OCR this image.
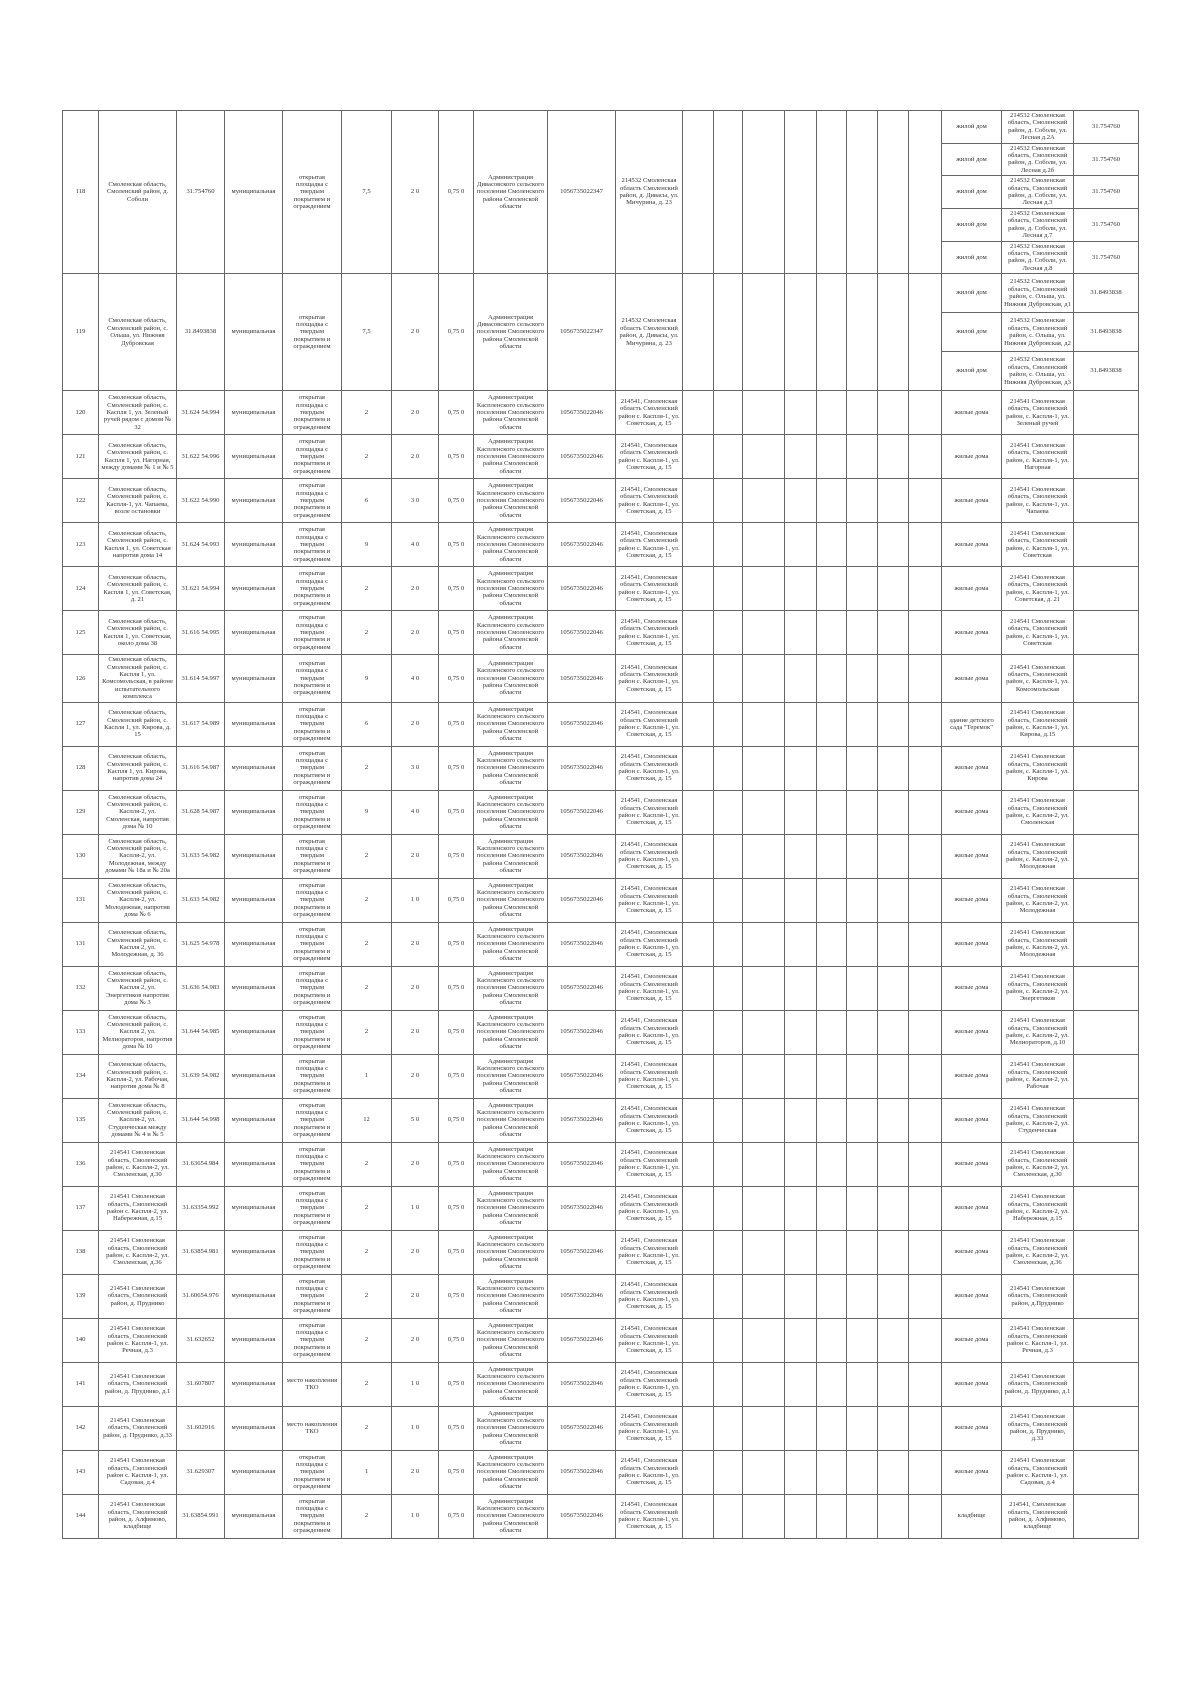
118	Смоленская область, Смоленский район, д. Соболи	31.754760	муниципальная	открытая площадка с твердым покрытием и ограждением	7,5	2 0	0,75 0	Администрация Дивасовского сельского поселения Смоленского района Смоленской области	1056735022347	214532 Смоленская область Смоленский район, д. Дивасы, ул. Мичурина, д. 23									жилой дом	214532 Смоленская область, Смоленский район, д. Соболи, ул. Лесная д.2А	31.754760
																			жилой дом	214532 Смоленская область, Смоленский район, д. Соболи, ул. Лесная д.2б	31.754760
																			жилой дом	214532 Смоленская область, Смоленский район, д. Соболи, ул. Лесная д.3	31.754760
																			жилой дом	214532 Смоленская область, Смоленский район, д. Соболи, ул. Лесная д.7	31.754760
																			жилой дом	214532 Смоленская область, Смоленский район, д. Соболи, ул. Лесная д.8	31.754760
119	Смоленская область, Смоленский район, с. Ольша, ул. Нижняя Дубровская	31.8493838	муниципальная	открытая площадка с твердым покрытием и ограждением	7,5	2 0	0,75 0	Администрация Дивасовского сельского поселения Смоленского района Смоленской области	1056735022347	214532 Смоленская область Смоленский район, д. Дивасы, ул. Мичурина, д. 23									жилой дом	214532 Смоленская область, Смоленский район, с. Ольша, ул. Нижняя Дубровская, д1	31.8493838
																			жилой дом	214532 Смоленская область, Смоленский район, с. Ольша, ул. Нижняя Дубровская, д2	31.8493838
																			жилой дом	214532 Смоленская область, Смоленский район, с. Ольша, ул. Нижняя Дубровская, д3	31.8493838
120	Смоленская область, Смоленский район, с. Каспля 1, ул. Зеленый ручей рядом с домом № 32	31.624 54.994	муниципальная	открытая площадка с твердым покрытием и ограждением	2	2 0	0,75 0	Администрация Каспленского сельского поселения Смоленского района Смоленской области	1056735022046	214541, Смоленская область Смоленский район с. Каспля-1, ул. Советская, д. 15									жилые дома	214541 Смоленская область, Смоленский район, с. Каспля-1, ул. Зеленый ручей	
121	Смоленская область, Смоленский район, с. Каспля 1, ул. Нагорная, между домами № 1 и № 5	31.622 54.996	муниципальная	открытая площадка с твердым покрытием и ограждением	2	2 0	0,75 0	Администрация Каспленского сельского поселения Смоленского района Смоленской области	1056735022046	214541, Смоленская область Смоленский район с. Каспля-1, ул. Советская, д. 15									жилые дома	214541 Смоленская область, Смоленский район, с. Каспля-1, ул. Нагорная	
122	Смоленская область, Смоленский район, с. Каспля-1, ул. Чапаева, возле остановки	31.622 54.990	муниципальная	открытая площадка с твердым покрытием и ограждением	6	3 0	0,75 0	Администрация Каспленского сельского поселения Смоленского района Смоленской области	1056735022046	214541, Смоленская область Смоленский район с. Каспля-1, ул. Советская, д. 15									жилые дома	214541 Смоленская область, Смоленский район, с. Каспля-1, ул. Чапаева	
123	Смоленская область, Смоленский район, с. Каспля 1, ул. Советская напротив дома 14	31.624 54.993	муниципальная	открытая площадка с твердым покрытием и ограждением	9	4 0	0,75 0	Администрация Каспленского сельского поселения Смоленского района Смоленской области	1056735022046	214541, Смоленская область Смоленский район с. Каспля-1, ул. Советская, д. 15									жилые дома	214541 Смоленская область, Смоленский район, с. Каспля-1, ул. Советская	
124	Смоленская область, Смоленский район, с. Каспля 1, ул. Советская, д. 21	31.621 54.994	муниципальная	открытая площадка с твердым покрытием и ограждением	2	2 0	0,75 0	Администрация Каспленского сельского поселения Смоленского района Смоленской области	1056735022046	214541, Смоленская область Смоленский район с. Каспля-1, ул. Советская, д. 15									жилые дома	214541 Смоленская область, Смоленский район, с. Каспля-1, ул. Советская, д. 21	
125	Смоленская область, Смоленский район, с. Каспля 1, ул. Советская, около дома 38	31.616 54.995	муниципальная	открытая площадка с твердым покрытием и ограждением	2	2 0	0,75 0	Администрация Каспленского сельского поселения Смоленского района Смоленской области	1056735022046	214541, Смоленская область Смоленский район с. Каспля-1, ул. Советская, д. 15									жилые дома	214541 Смоленская область, Смоленский район, с. Каспля-1, ул. Советская	
126	Смоленская область, Смоленский район, с. Каспля 1, ул. Комсомольская, в районе испытательного комплекса	31.614 54.997	муниципальная	открытая площадка с твердым покрытием и ограждением	9	4 0	0,75 0	Администрация Каспленского сельского поселения Смоленского района Смоленской области	1056735022046	214541, Смоленская область Смоленский район с. Каспля-1, ул. Советская, д. 15									жилые дома	214541 Смоленская область, Смоленский район, с. Каспля-1, ул. Комсомольская	
127	Смоленская область, Смоленский район, с. Каспля 1, ул. Кирова, д. 15	31.617 54.989	муниципальная	открытая площадка с твердым покрытием и ограждением	6	2 0	0,75 0	Администрация Каспленского сельского поселения Смоленского района Смоленской области	1056735022046	214541, Смоленская область Смоленский район с. Каспля-1, ул. Советская, д. 15									здание детского сада "Теремок"	214541 Смоленская область, Смоленский район, с. Каспля-1, ул. Кирова, д.15	
128	Смоленская область, Смоленский район, с. Каспля 1, ул. Кирова, напротив дома 24	31.616 54.987	муниципальная	открытая площадка с твердым покрытием и ограждением	2	3 0	0,75 0	Администрация Каспленского сельского поселения Смоленского района Смоленской области	1056735022046	214541, Смоленская область Смоленский район с. Каспля-1, ул. Советская, д. 15									жилые дома	214541 Смоленская область, Смоленский район, с. Каспля-1, ул. Кирова	
129	Смоленская область, Смоленский район, с. Каспля-2, ул. Смоленская, напротив дома № 10	31.628 54.987	муниципальная	открытая площадка с твердым покрытием и ограждением	9	4 0	0,75 0	Администрация Каспленского сельского поселения Смоленского района Смоленской области	1056735022046	214541, Смоленская область Смоленский район с. Каспля-1, ул. Советская, д. 15									жилые дома	214541 Смоленская область, Смоленский район, с. Каспля-2, ул. Смоленская	
130	Смоленская область, Смоленский район, с. Каспля-2, ул. Молодежная, между домами № 18а и № 20а	31.633 54.982	муниципальная	открытая площадка с твердым покрытием и ограждением	2	2 0	0,75 0	Администрация Каспленского сельского поселения Смоленского района Смоленской области	1056735022046	214541, Смоленская область Смоленский район с. Каспля-1, ул. Советская, д. 15									жилые дома	214541 Смоленская область, Смоленский район, с. Каспля-2, ул. Молодежная	
131	Смоленская область, Смоленский район, с. Каспля-2, ул. Молодежная, напротив дома № 6	31.633 54.982	муниципальная	открытая площадка с твердым покрытием и ограждением	2	1 0	0,75 0	Администрация Каспленского сельского поселения Смоленского района Смоленской области	1056735022046	214541, Смоленская область Смоленский район с. Каспля-1, ул. Советская, д. 15									жилые дома	214541 Смоленская область, Смоленский район, с. Каспля-2, ул. Молодежная	
131	Смоленская область, Смоленский район, с. Каспля 2, ул. Молодежная, д. 36	31.625 54.978	муниципальная	открытая площадка с твердым покрытием и ограждением	2	2 0	0,75 0	Администрация Каспленского сельского поселения Смоленского района Смоленской области	1056735022046	214541, Смоленская область Смоленский район с. Каспля-1, ул. Советская, д. 15									жилые дома	214541 Смоленская область, Смоленский район, с. Каспля-2, ул. Молодежная	
132	Смоленская область, Смоленский район, с. Каспля 2, ул. Энергетиков напротив дома № 3	31.636 54.983	муниципальная	открытая площадка с твердым покрытием и ограждением	2	2 0	0,75 0	Администрация Каспленского сельского поселения Смоленского района Смоленской области	1056735022046	214541, Смоленская область Смоленский район с. Каспля-1, ул. Советская, д. 15									жилые дома	214541 Смоленская область, Смоленский район, с. Каспля-2, ул. Энергетиков	
133	Смоленская область, Смоленский район, с. Каспля 2, ул. Мелиораторов, напротив дома № 10	31.644 54.985	муниципальная	открытая площадка с твердым покрытием и ограждением	2	2 0	0,75 0	Администрация Каспленского сельского поселения Смоленского района Смоленской области	1056735022046	214541, Смоленская область Смоленский район с. Каспля-1, ул. Советская, д. 15									жилые дома	214541 Смоленская область, Смоленский район, с. Каспля-2, ул. Мелиораторов, д.10	
134	Смоленская область, Смоленский район, с. Каспля-2, ул. Рабочая, напротив дома № 8	31.639 54.982	муниципальная	открытая площадка с твердым покрытием и ограждением	1	2 0	0,75 0	Администрация Каспленского сельского поселения Смоленского района Смоленской области	1056735022046	214541, Смоленская область Смоленский район с. Каспля-1, ул. Советская, д. 15									жилые дома	214541 Смоленская область, Смоленский район, с. Каспля-2, ул. Рабочая	
135	Смоленская область, Смоленский район, с. Каспля-2, ул. Студенческая между домами № 4 и № 5	31.644 54.998	муниципальная	открытая площадка с твердым покрытием и ограждением	12	5 0	0,75 0	Администрация Каспленского сельского поселения Смоленского района Смоленской области	1056735022046	214541, Смоленская область Смоленский район с. Каспля-1, ул. Советская, д. 15									жилые дома	214541 Смоленская область, Смоленский район, с. Каспля-2, ул. Студенческая	
136	214541 Смоленская область, Смоленский район, с. Каспля-2, ул. Смоленская, д.30	31.63654.984	муниципальная	открытая площадка с твердым покрытием и ограждением	2	2 0	0,75 0	Администрация Каспленского сельского поселения Смоленского района Смоленской области	1056735022046	214541, Смоленская область Смоленский район с. Каспля-1, ул. Советская, д. 15									жилые дома	214541 Смоленская область, Смоленский район, с. Каспля-2, ул. Смоленская, д.30	
137	214541 Смоленская область, Смоленский район с. Каспля-2, ул. Набережная, д.15	31.63354.992	муниципальная	открытая площадка с твердым покрытием и ограждением	2	1 0	0,75 0	Администрация Каспленского сельского поселения Смоленского района Смоленской области	1056735022046	214541, Смоленская область Смоленский район с. Каспля-1, ул. Советская, д. 15									жилые дома	214541 Смоленская область, Смоленский район, с. Каспля-2, ул. Набережная, д.15	
138	214541 Смоленская область, Смоленский район, с. Каспля-2, ул. Смоленская, д.36	31.63854.981	муниципальная	открытая площадка с твердым покрытием и ограждением	2	2 0	0,75 0	Администрация Каспленского сельского поселения Смоленского района Смоленской области	1056735022046	214541, Смоленская область Смоленский район с. Каспля-1, ул. Советская, д. 15									жилые дома	214541 Смоленская область, Смоленский район, с. Каспля-2, ул. Смоленская, д.36	
139	214541 Смоленская область, Смоленский район, д. Пруднико	31.60654.976	муниципальная	открытая площадка с твердым покрытием и ограждением	2	2 0	0,75 0	Администрация Каспленского сельского поселения Смоленского района Смоленской области	1056735022046	214541, Смоленская область Смоленский район с. Каспля-1, ул. Советская, д. 15									жилые дома	214541 Смоленская область, Смоленский район, д.Пруднико	
140	214541 Смоленская область, Смоленский район с. Каспля-1, ул. Речная, д.3	31.632652	муниципальная	открытая площадка с твердым покрытием и ограждением	2	2 0	0,75 0	Администрация Каспленского сельского поселения Смоленского района Смоленской области	1056735022046	214541, Смоленская область Смоленский район с. Каспля-1, ул. Советская, д. 15									жилые дома	214541 Смоленская область, Смоленский район с. Каспля-1, ул. Речная, д.3	
141	214541 Смоленская область, Смоленский район, д. Пруднико, д.1	31.607807	муниципальная	место накопления ТКО	2	1 0	0,75 0	Администрация Каспленского сельского поселения Смоленского района Смоленской области	1056735022046	214541, Смоленская область Смоленский район с. Каспля-1, ул. Советская, д. 15									жилые дома	214541 Смоленская область, Смоленский район, д. Пруднико, д.1	
142	214541 Смоленская область, Смоленский район, д. Пруднико, д.33	31.602916	муниципальная	место накопления ТКО	2	1 0	0,75 0	Администрация Каспленского сельского поселения Смоленского района Смоленской области	1056735022046	214541, Смоленская область Смоленский район с. Каспля-1, ул. Советская, д. 15									жилые дома	214541 Смоленская область, Смоленский район, д. Пруднико, д.33	
143	214541 Смоленская область, Смоленский район с. Каспля-1, ул. Садовая, д.4	31.629307	муниципальная	открытая площадка с твердым покрытием и ограждением	1	2 0	0,75 0	Администрация Каспленского сельского поселения Смоленского района Смоленской области	1056735022046	214541, Смоленская область Смоленский район с. Каспля-1, ул. Советская, д. 15									жилые дома	214541 Смоленская область, Смоленский район с. Каспля-1, ул. Садовая, д.4	
144	214541 Смоленская область, Смоленский район, д. Алфимово, кладбище	31.63854.991	муниципальная	открытая площадка с твердым покрытием и ограждением	2	1 0	0,75 0	Администрация Каспленского сельского поселения Смоленского района Смоленской области	1056735022046	214541, Смоленская область Смоленский район с. Каспля-1, ул. Советская, д. 15									кладбище	214541, Смоленская область, Смоленский район, д. Алфимово, кладбище	
